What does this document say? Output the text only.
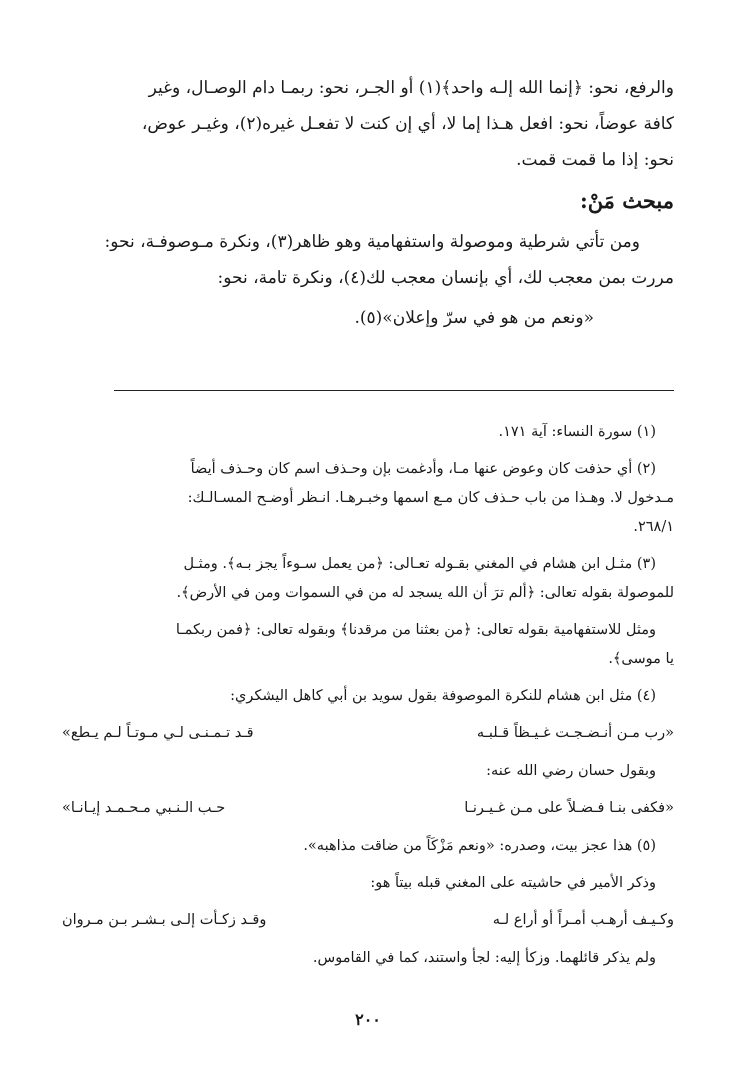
والرفع، نحو: ﴿إنما الله إلـه واحد﴾(١) أو الجـر، نحو: ربمـا دام الوصـال، وغير

كافة عوضاً، نحو: افعل هـذا إما لا، أي إن كنت لا تفعـل غيره(٢)، وغيـر عوض،

نحو: إذا ما قمت قمت.

مبحث مَنْ:

ومن تأتي شرطية وموصولة واستفهامية وهو ظاهر(٣)، ونكرة مـوصوفـة، نحو:

مررت بمن معجب لك، أي بإنسان معجب لك(٤)، ونكرة تامة، نحو:

«ونعم من هو في سرّ وإعلان»(٥).

(١) سورة النساء: آية ١٧١.

(٢) أي حذفت كان وعوض عنها مـا، وأدغمت بإن وحـذف اسم كان وحـذف أيضاً
مـدخول لا. وهـذا من باب حـذف كان مـع اسمها وخبـرهـا. انـظر أوضـح المسـالـك:
٢٦٨/١.
(٣) مثـل ابن هشام في المغني بقـوله تعـالى: ﴿من يعمل سـوءاً يجز بـه﴾. ومثـل
للموصولة بقوله تعالى: ﴿ألم ترَ أن الله يسجد له من في السموات ومن في الأرض﴾.
ومثل للاستفهامية بقوله تعالى: ﴿من بعثنا من مرقدنا﴾ وبقوله تعالى: ﴿فمن ربكمـا
يا موسى﴾.

(٤) مثل ابن هشام للنكرة الموصوفة بقول سويد بن أبي كاهل اليشكري:

«رب مـن أنـضـجـت غـيـظاً قـلبـه
قـد تـمـنـى لـي مـوتـاً لـم يـطع»

وبقول حسان رضي الله عنه:

«فكفى بنـا فـضـلاً على مـن غـيـرنـا
حـب الـنـبي مـحـمـد إيـانـا»

(٥) هذا عجز بيت، وصدره: «ونعم مَزْكَاً من ضاقت مذاهبه».

وذكر الأمير في حاشيته على المغني قبله بيتاً هو:

وكـيـف أرهـب أمـراً أو أراع لـه
وقـد زكـأت إلـى بـشـر بـن مـروان

ولم يذكر قائلهما. وزكأ إليه: لجأ واستند، كما في القاموس.

٢٠٠
